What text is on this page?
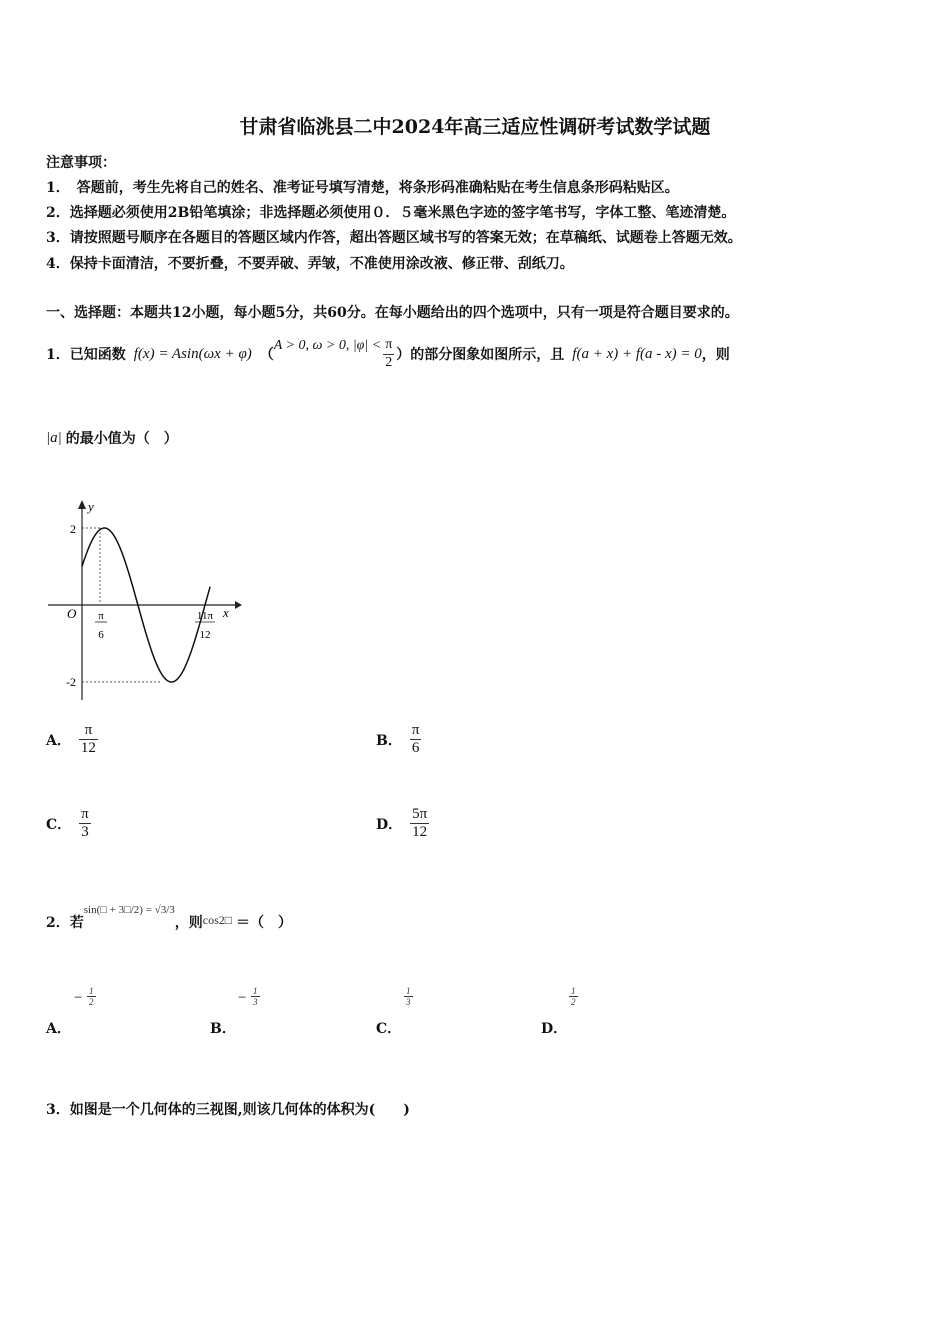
甘肃省临洮县二中2024年高三适应性调研考试数学试题
注意事项：
1．　答题前，考生先将自己的姓名、准考证号填写清楚，将条形码准确粘贴在考生信息条形码粘贴区。
2．选择题必须使用2B铅笔填涂；非选择题必须使用０．５毫米黑色字迹的签字笔书写，字体工整、笔迹清楚。
3．请按照题号顺序在各题目的答题区域内作答，超出答题区域书写的答案无效；在草稿纸、试题卷上答题无效。
4．保持卡面清洁，不要折叠，不要弄破、弄皱，不准使用涂改液、修正带、刮纸刀。
一、选择题：本题共12小题，每小题5分，共60分。在每小题给出的四个选项中，只有一项是符合题目要求的。
1．已知函数 f(x) = Asin(ωx + φ) （
A > 0, ω > 0, $|\varphi| < \frac{\pi}{2}$ ）的部分图象如图所示，且 f(a + x) + f(a - x) = 0 ，则
|a| 的最小值为（　）
y
x
O
2
-2
π
6
11π
12
A． $\frac{\pi}{12}$	B． $\frac{\pi}{6}$
C． $\frac{\pi}{3}$	D． $\frac{5\pi}{12}$
2．若
sin(□ + 3□/2) = √3/3
，则 cos2□ ＝（　）
A．
− $\frac{1}{2}$
B．
− $\frac{1}{3}$
C．
$\frac{1}{3}$
D．
$\frac{1}{2}$
3．如图是一个几何体的三视图,则该几何体的体积为(　　)
